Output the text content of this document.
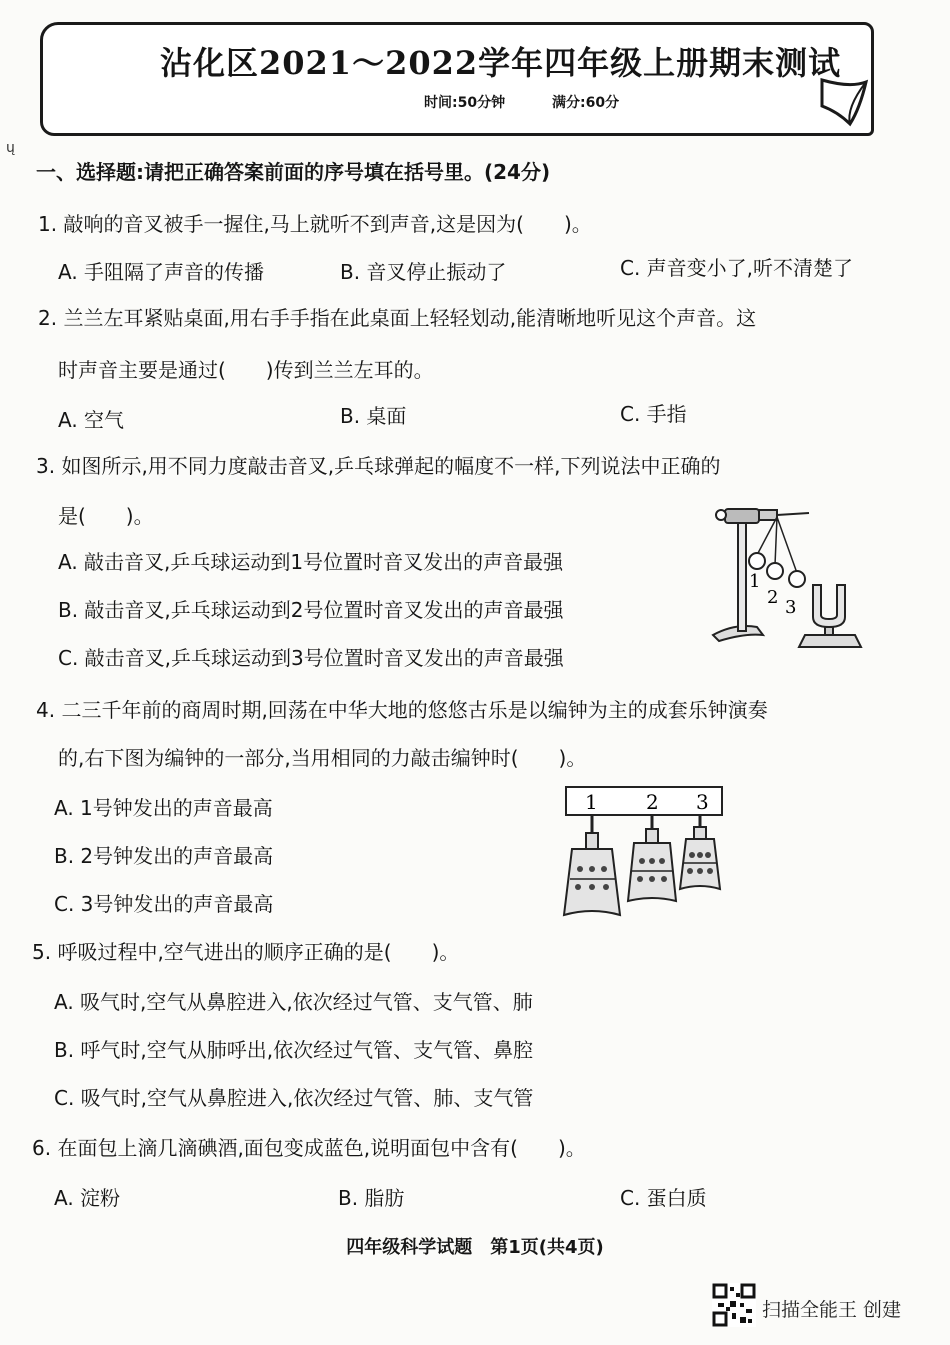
沾化区2021～2022学年四年级上册期末测试
时间:50分钟	满分:60分
ų
一、选择题:请把正确答案前面的序号填在括号里。(24分)
1. 敲响的音叉被手一握住,马上就听不到声音,这是因为(　　)。
A. 手阻隔了声音的传播	B. 音叉停止振动了	C. 声音变小了,听不清楚了
2. 兰兰左耳紧贴桌面,用右手手指在此桌面上轻轻划动,能清晰地听见这个声音。这
时声音主要是通过(　　)传到兰兰左耳的。
A. 空气	B. 桌面	C. 手指
3. 如图所示,用不同力度敲击音叉,乒乓球弹起的幅度不一样,下列说法中正确的
是(　　)。
A. 敲击音叉,乒乓球运动到1号位置时音叉发出的声音最强
B. 敲击音叉,乒乓球运动到2号位置时音叉发出的声音最强
C. 敲击音叉,乒乓球运动到3号位置时音叉发出的声音最强
1
2 3
4. 二三千年前的商周时期,回荡在中华大地的悠悠古乐是以编钟为主的成套乐钟演奏
的,右下图为编钟的一部分,当用相同的力敲击编钟时(　　)。
A. 1号钟发出的声音最高
B. 2号钟发出的声音最高
C. 3号钟发出的声音最高
1 2 3
5. 呼吸过程中,空气进出的顺序正确的是(　　)。
A. 吸气时,空气从鼻腔进入,依次经过气管、支气管、肺
B. 呼气时,空气从肺呼出,依次经过气管、支气管、鼻腔
C. 吸气时,空气从鼻腔进入,依次经过气管、肺、支气管
6. 在面包上滴几滴碘酒,面包变成蓝色,说明面包中含有(　　)。
A. 淀粉	B. 脂肪	C. 蛋白质
四年级科学试题　第1页(共4页)
扫描全能王 创建
